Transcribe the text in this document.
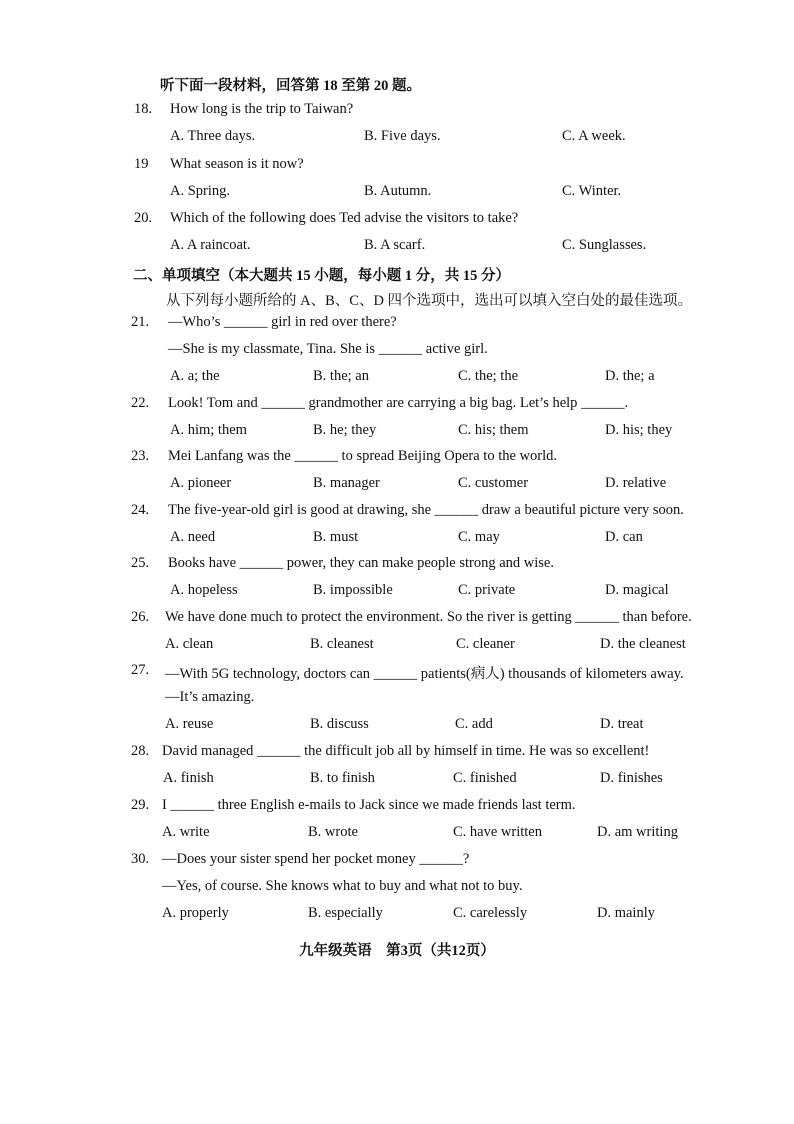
听下面一段材料，回答第 18 至第 20 题。
18. How long is the trip to Taiwan?
A. Three days.	B. Five days.	C. A week.
19 What season is it now?
A. Spring.	B. Autumn.	C. Winter.
20. Which of the following does Ted advise the visitors to take?
A. A raincoat.	B. A scarf.	C. Sunglasses.
二、单项填空（本大题共 15 小题，每小题 1 分，共 15 分）
从下列每小题所给的 A、B、C、D 四个选项中，选出可以填入空白处的最佳选项。
21. —Who’s ______ girl in red over there?
—She is my classmate, Tina. She is ______ active girl.
A. a; the	B. the; an	C. the; the	D. the; a
22. Look! Tom and ______ grandmother are carrying a big bag. Let’s help ______.
A. him; them	B. he; they	C. his; them	D. his; they
23. Mei Lanfang was the ______ to spread Beijing Opera to the world.
A. pioneer	B. manager	C. customer	D. relative
24. The five-year-old girl is good at drawing, she ______ draw a beautiful picture very soon.
A. need	B. must	C. may	D. can
25. Books have ______ power, they can make people strong and wise.
A. hopeless	B. impossible	C. private	D. magical
26. We have done much to protect the environment. So the river is getting ______ than before.
A. clean	B. cleanest	C. cleaner	D. the cleanest
27. —With 5G technology, doctors can ______ patients(病人) thousands of kilometers away.
—It’s amazing.
A. reuse	B. discuss	C. add	D. treat
28. David managed ______ the difficult job all by himself in time. He was so excellent!
A. finish	B. to finish	C. finished	D. finishes
29. I ______ three English e-mails to Jack since we made friends last term.
A. write	B. wrote	C. have written	D. am writing
30. —Does your sister spend her pocket money ______?
—Yes, of course. She knows what to buy and what not to buy.
A. properly	B. especially	C. carelessly	D. mainly
九年级英语　第3页（共12页）
